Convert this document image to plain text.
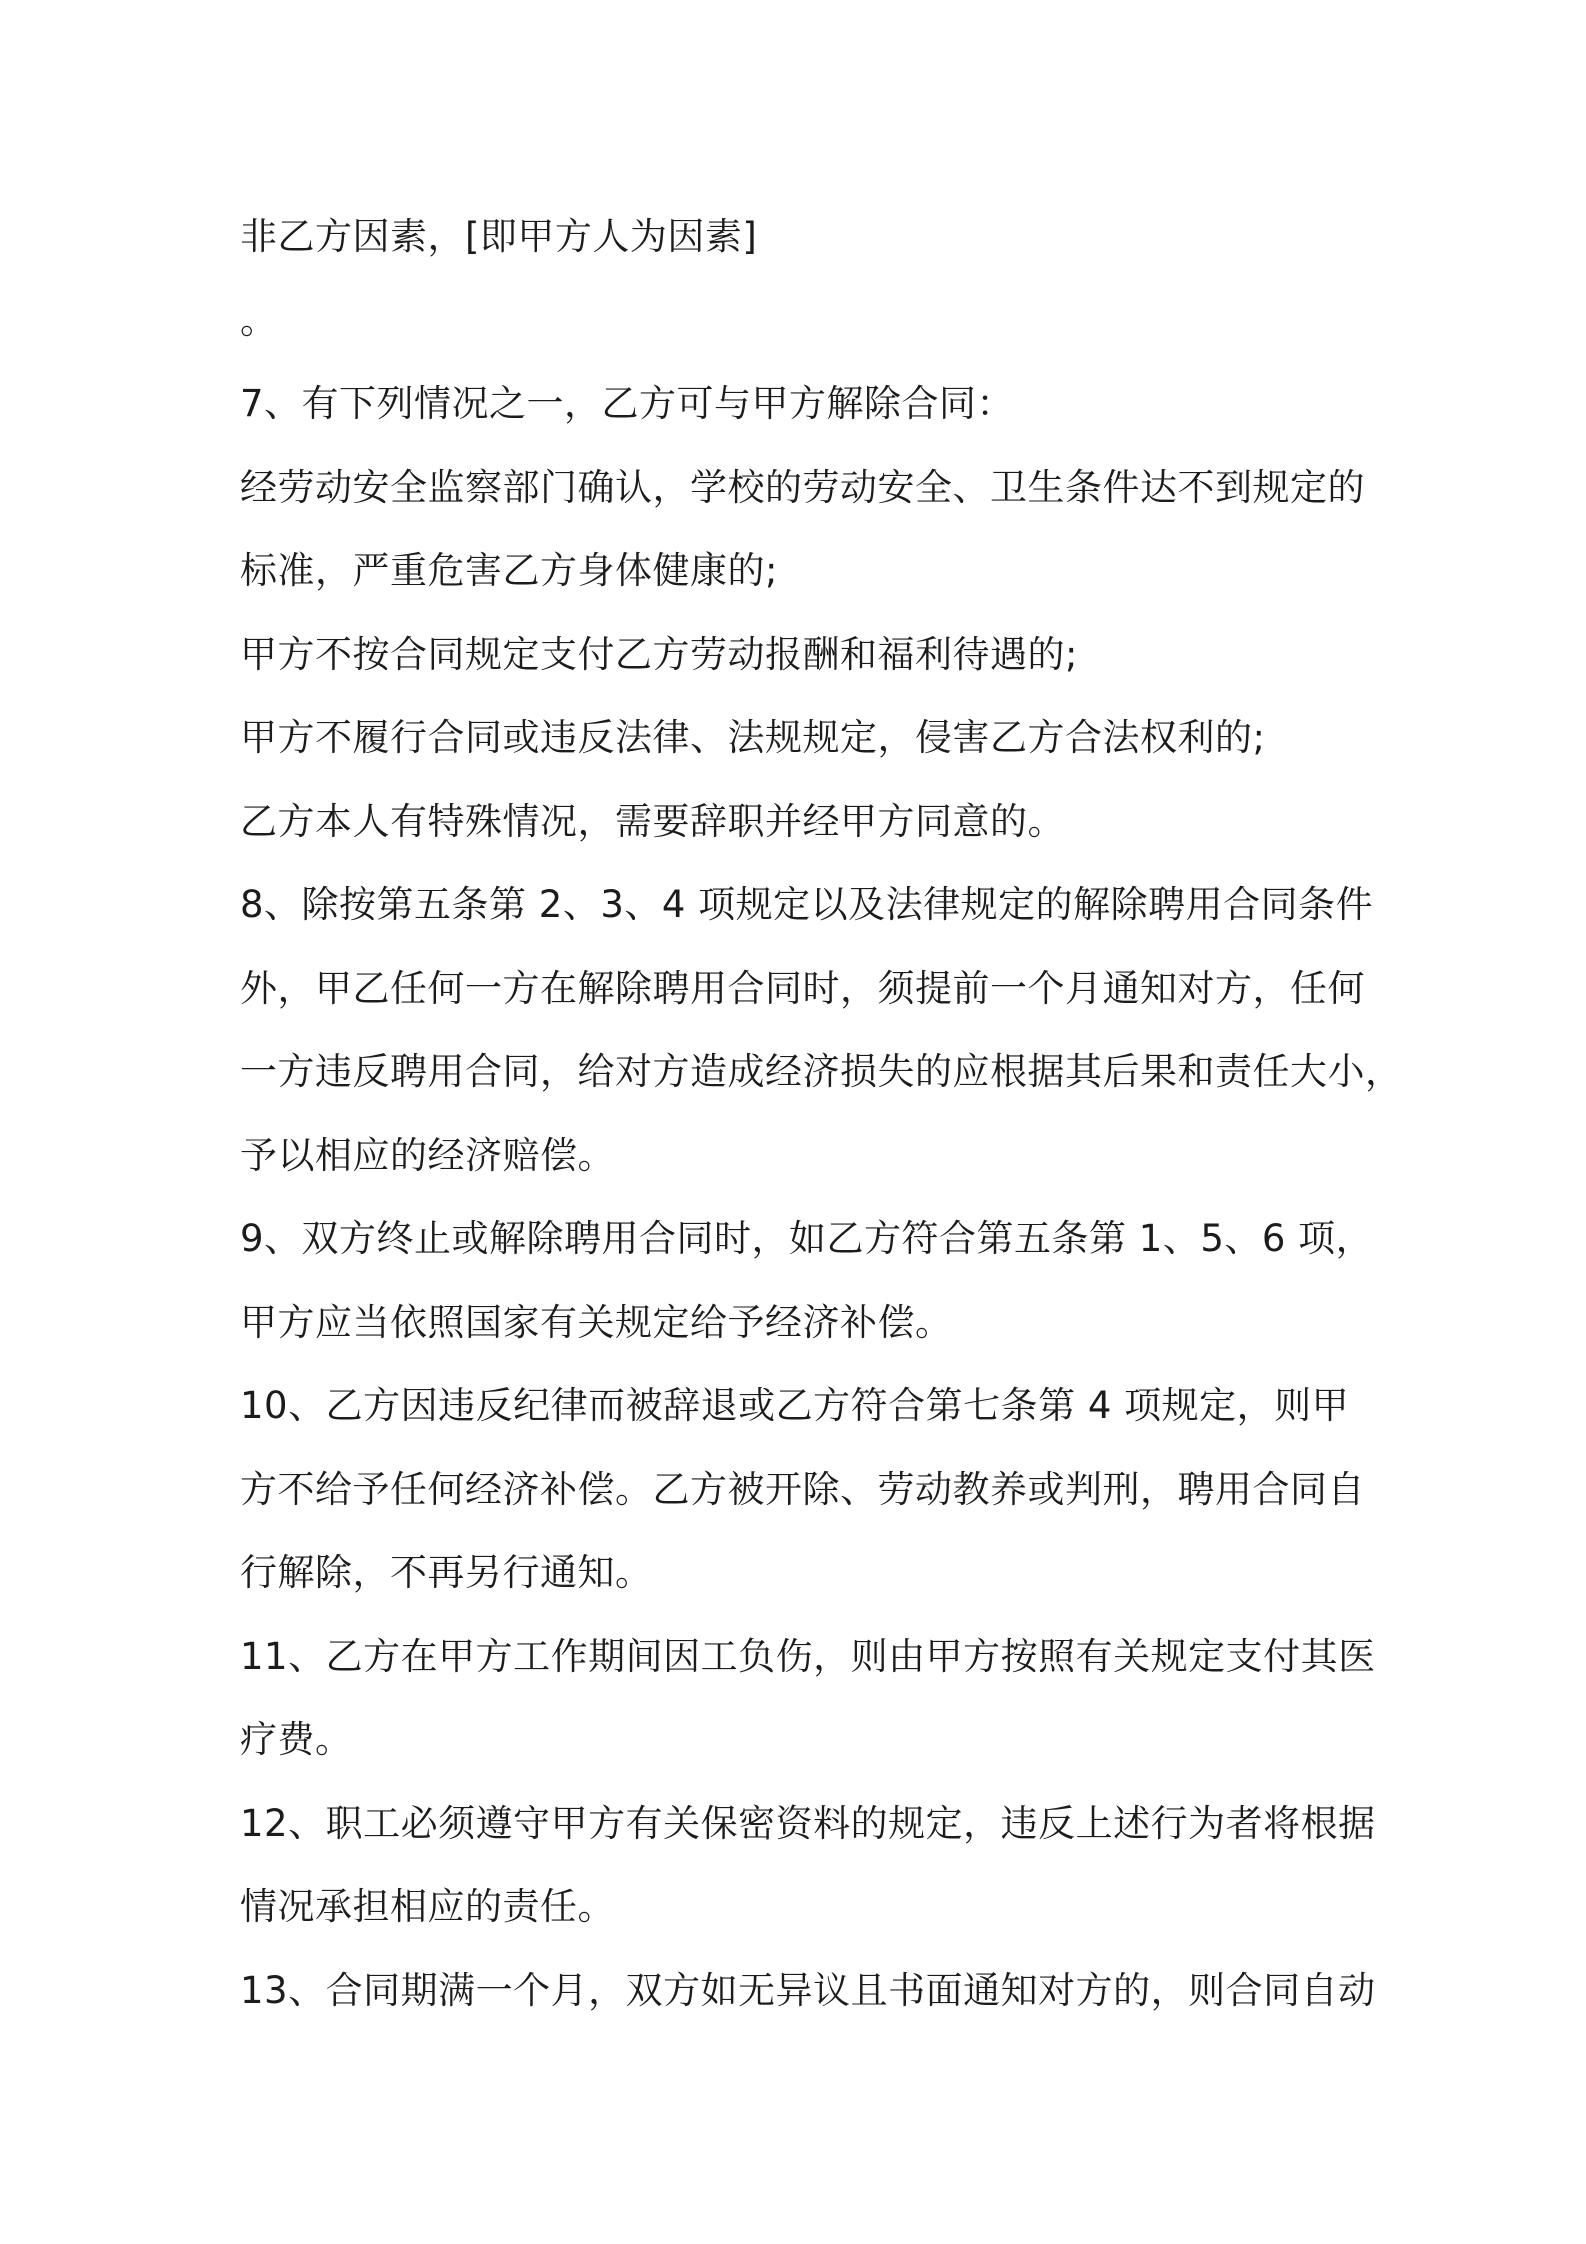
非乙方因素，[即甲方人为因素]
。
7、有下列情况之一，乙方可与甲方解除合同：
经劳动安全监察部门确认，学校的劳动安全、卫生条件达不到规定的
标准，严重危害乙方身体健康的;
甲方不按合同规定支付乙方劳动报酬和福利待遇的;
甲方不履行合同或违反法律、法规规定，侵害乙方合法权利的;
乙方本人有特殊情况，需要辞职并经甲方同意的。
8、除按第五条第 2、3、4 项规定以及法律规定的解除聘用合同条件
外，甲乙任何一方在解除聘用合同时，须提前一个月通知对方，任何
一方违反聘用合同，给对方造成经济损失的应根据其后果和责任大小，
予以相应的经济赔偿。
9、双方终止或解除聘用合同时，如乙方符合第五条第 1、5、6 项，
甲方应当依照国家有关规定给予经济补偿。
10、乙方因违反纪律而被辞退或乙方符合第七条第 4 项规定，则甲
方不给予任何经济补偿。乙方被开除、劳动教养或判刑，聘用合同自
行解除，不再另行通知。
11、乙方在甲方工作期间因工负伤，则由甲方按照有关规定支付其医
疗费。
12、职工必须遵守甲方有关保密资料的规定，违反上述行为者将根据
情况承担相应的责任。
13、合同期满一个月，双方如无异议且书面通知对方的，则合同自动
